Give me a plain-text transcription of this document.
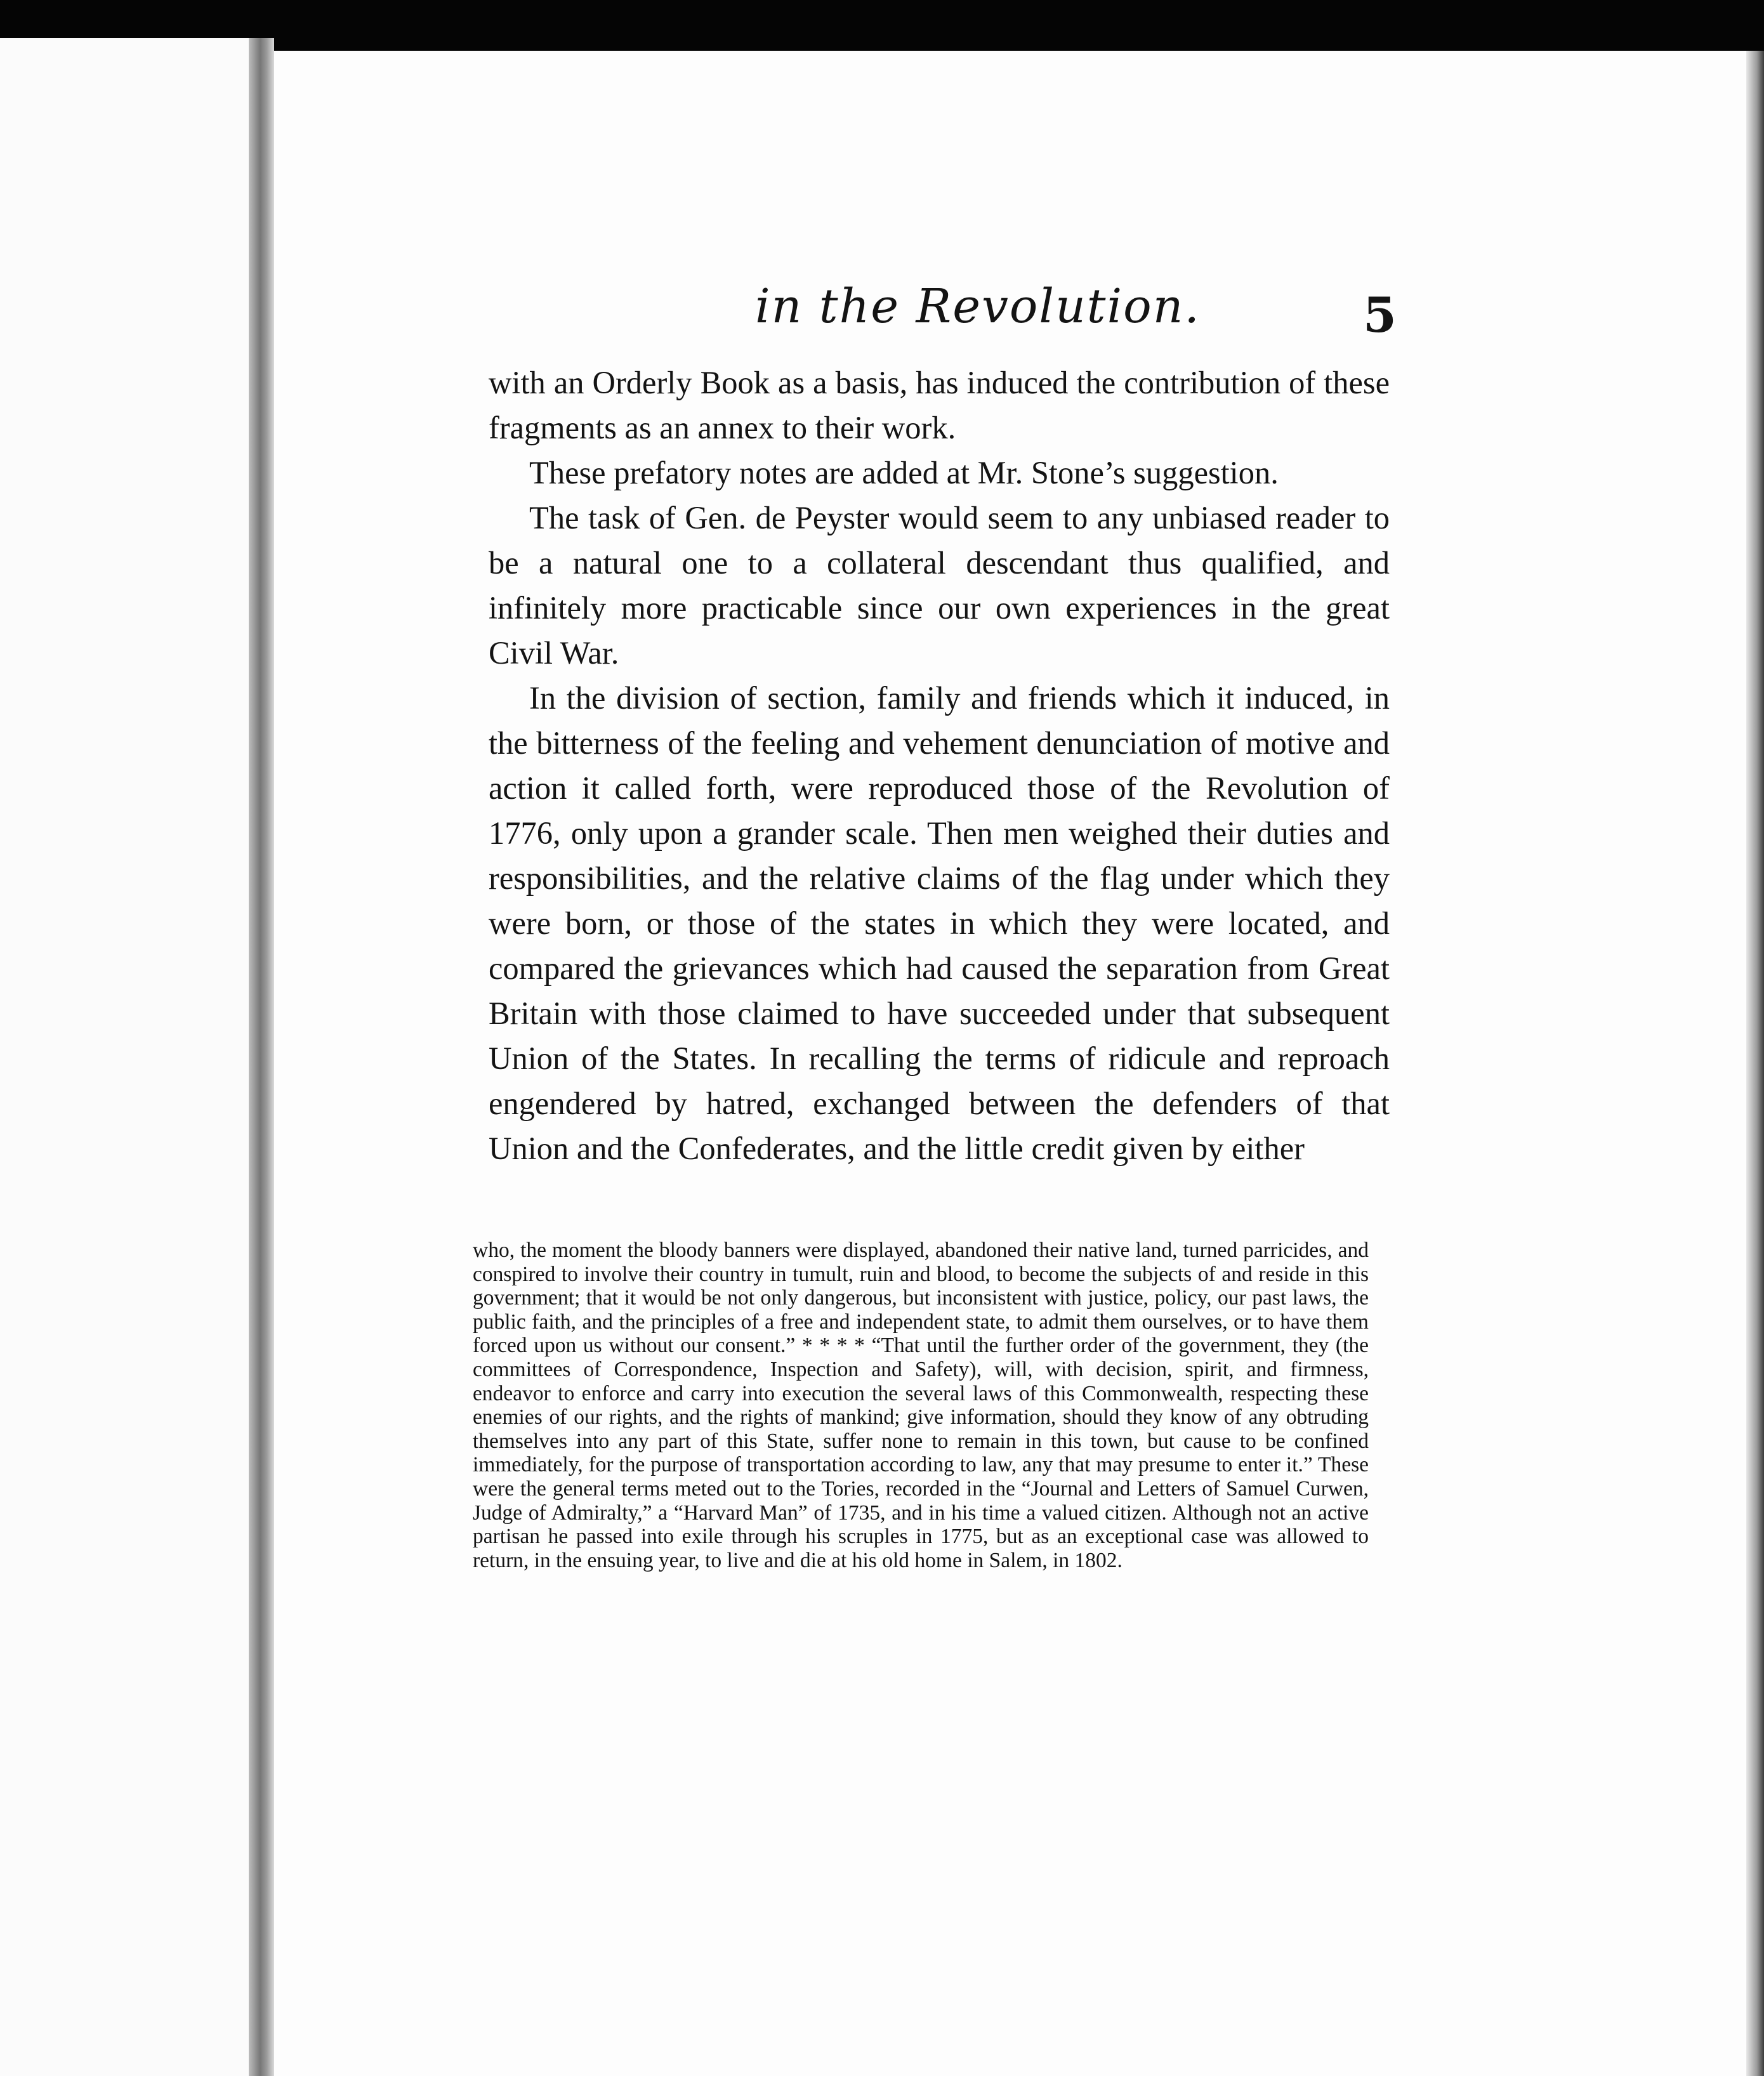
in the Revolution.	5

with an Orderly Book as a basis, has induced the contribution of these fragments as an annex to their work.

These prefatory notes are added at Mr. Stone’s suggestion.

The task of Gen. de Peyster would seem to any unbiased reader to be a natural one to a collateral descendant thus qualified, and infinitely more practicable since our own experiences in the great Civil War.

In the division of section, family and friends which it induced, in the bitterness of the feeling and vehement denunciation of motive and action it called forth, were reproduced those of the Revolution of 1776, only upon a grander scale. Then men weighed their duties and responsibilities, and the relative claims of the flag under which they were born, or those of the states in which they were located, and compared the grievances which had caused the separation from Great Britain with those claimed to have succeeded under that subsequent Union of the States. In recalling the terms of ridicule and reproach engendered by hatred, exchanged between the defenders of that Union and the Confederates, and the little credit given by either

who, the moment the bloody banners were displayed, abandoned their native land, turned parricides, and conspired to involve their country in tumult, ruin and blood, to become the subjects of and reside in this government; that it would be not only dangerous, but inconsistent with justice, policy, our past laws, the public faith, and the principles of a free and independent state, to admit them ourselves, or to have them forced upon us without our consent.” * * * * “That until the further order of the government, they (the committees of Correspondence, Inspection and Safety), will, with decision, spirit, and firmness, endeavor to enforce and carry into execution the several laws of this Commonwealth, respecting these enemies of our rights, and the rights of mankind; give information, should they know of any obtruding themselves into any part of this State, suffer none to remain in this town, but cause to be confined immediately, for the purpose of transportation according to law, any that may presume to enter it.” These were the general terms meted out to the Tories, recorded in the “Journal and Letters of Samuel Curwen, Judge of Admiralty,” a “Harvard Man” of 1735, and in his time a valued citizen. Although not an active partisan he passed into exile through his scruples in 1775, but as an exceptional case was allowed to return, in the ensuing year, to live and die at his old home in Salem, in 1802.
